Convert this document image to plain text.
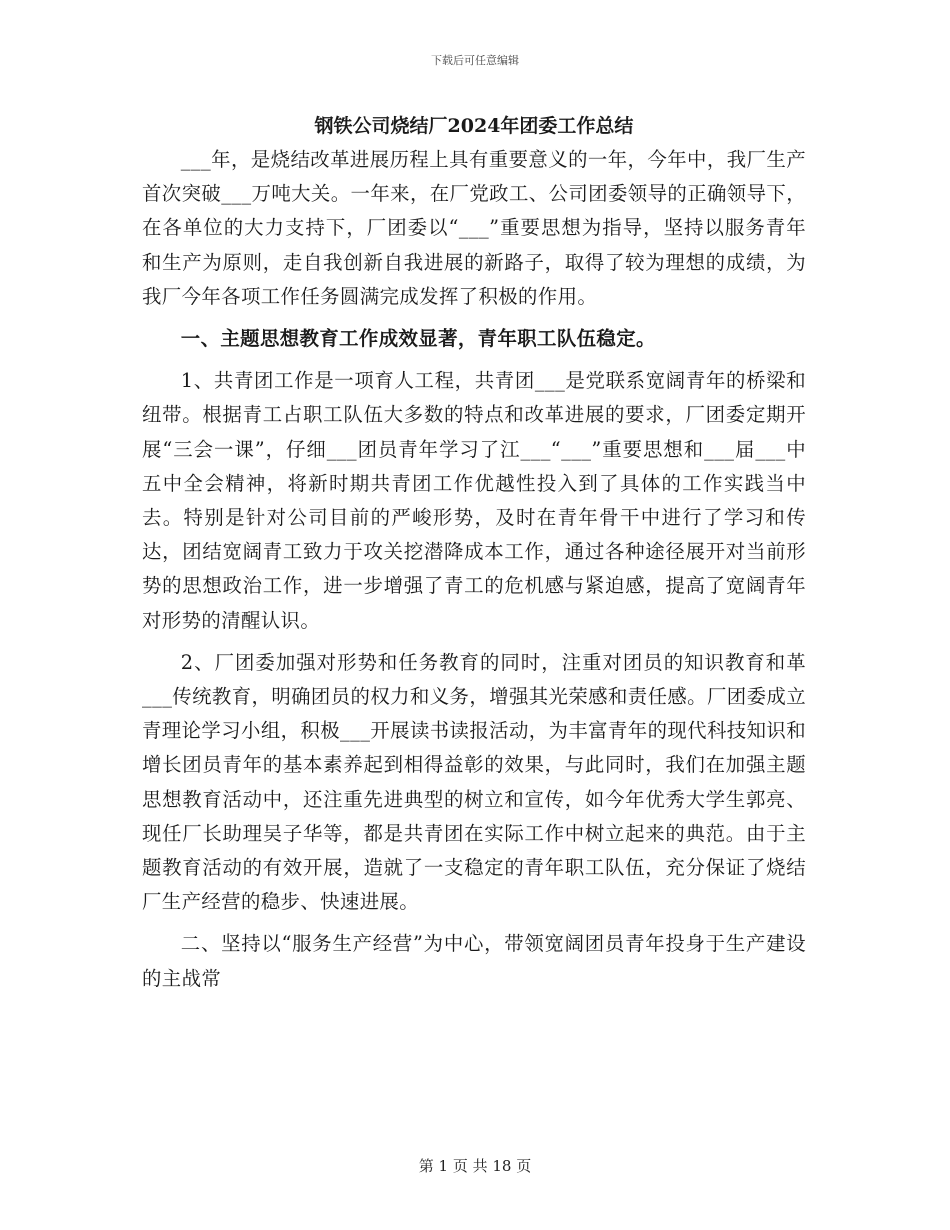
下载后可任意编辑
钢铁公司烧结厂2024年团委工作总结

___年，是烧结改革进展历程上具有重要意义的一年，今年中，我厂生产首次突破___万吨大关。一年来，在厂党政工、公司团委领导的正确领导下，在各单位的大力支持下，厂团委以“___”重要思想为指导，坚持以服务青年和生产为原则，走自我创新自我进展的新路子，取得了较为理想的成绩，为我厂今年各项工作任务圆满完成发挥了积极的作用。

一、主题思想教育工作成效显著，青年职工队伍稳定。

1、共青团工作是一项育人工程，共青团___是党联系宽阔青年的桥梁和纽带。根据青工占职工队伍大多数的特点和改革进展的要求，厂团委定期开展“三会一课”，仔细___团员青年学习了江___“___”重要思想和___届___中五中全会精神，将新时期共青团工作优越性投入到了具体的工作实践当中去。特别是针对公司目前的严峻形势，及时在青年骨干中进行了学习和传达，团结宽阔青工致力于攻关挖潜降成本工作，通过各种途径展开对当前形势的思想政治工作，进一步增强了青工的危机感与紧迫感，提高了宽阔青年对形势的清醒认识。

2、厂团委加强对形势和任务教育的同时，注重对团员的知识教育和革___传统教育，明确团员的权力和义务，增强其光荣感和责任感。厂团委成立青理论学习小组，积极___开展读书读报活动，为丰富青年的现代科技知识和增长团员青年的基本素养起到相得益彰的效果，与此同时，我们在加强主题思想教育活动中，还注重先进典型的树立和宣传，如今年优秀大学生郭亮、现任厂长助理吴子华等，都是共青团在实际工作中树立起来的典范。由于主题教育活动的有效开展，造就了一支稳定的青年职工队伍，充分保证了烧结厂生产经营的稳步、快速进展。

二、坚持以“服务生产经营”为中心，带领宽阔团员青年投身于生产建设的主战常

第 1 页 共 18 页
